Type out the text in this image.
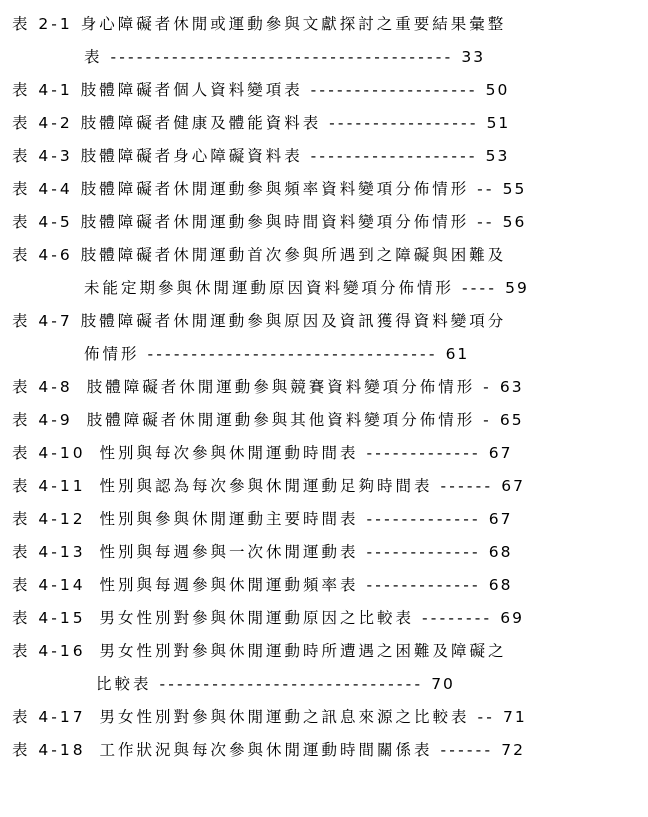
表 2-1 身心障礙者休閒或運動參與文獻探討之重要結果彙整
表 --------------------------------------- 33
表 4-1 肢體障礙者個人資料變項表 ------------------- 50
表 4-2 肢體障礙者健康及體能資料表 ----------------- 51
表 4-3 肢體障礙者身心障礙資料表 ------------------- 53
表 4-4 肢體障礙者休閒運動參與頻率資料變項分佈情形 -- 55
表 4-5 肢體障礙者休閒運動參與時間資料變項分佈情形 -- 56
表 4-6 肢體障礙者休閒運動首次參與所遇到之障礙與困難及
未能定期參與休閒運動原因資料變項分佈情形 ---- 59
表 4-7 肢體障礙者休閒運動參與原因及資訊獲得資料變項分
佈情形 --------------------------------- 61
表 4-8 肢體障礙者休閒運動參與競賽資料變項分佈情形 - 63
表 4-9 肢體障礙者休閒運動參與其他資料變項分佈情形 - 65
表 4-10 性別與每次參與休閒運動時間表 ------------- 67
表 4-11 性別與認為每次參與休閒運動足夠時間表 ------ 67
表 4-12 性別與參與休閒運動主要時間表 ------------- 67
表 4-13 性別與每週參與一次休閒運動表 ------------- 68
表 4-14 性別與每週參與休閒運動頻率表 ------------- 68
表 4-15 男女性別對參與休閒運動原因之比較表 -------- 69
表 4-16 男女性別對參與休閒運動時所遭遇之困難及障礙之
比較表 ------------------------------ 70
表 4-17 男女性別對參與休閒運動之訊息來源之比較表 -- 71
表 4-18 工作狀況與每次參與休閒運動時間關係表 ------ 72
